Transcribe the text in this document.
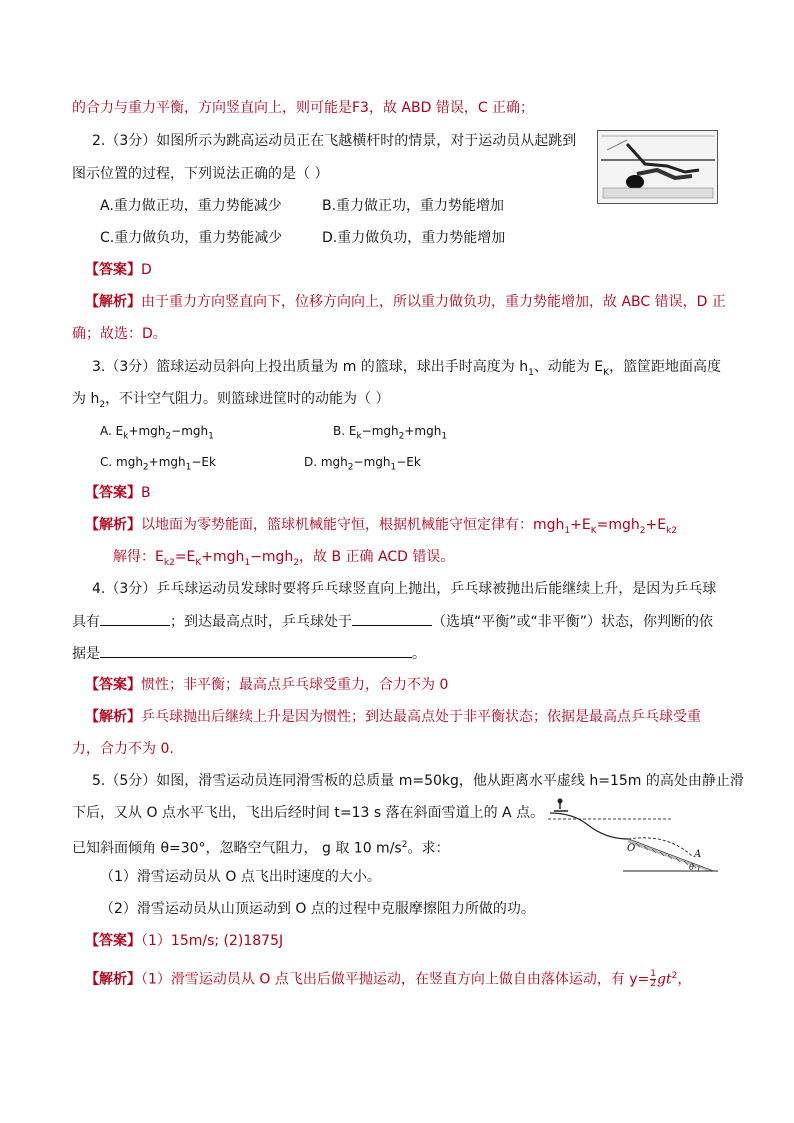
的合力与重力平衡，方向竖直向上，则可能是F3，故 ABD 错误，C 正确；
2.（3分）如图所示为跳高运动员正在飞越横杆时的情景，对于运动员从起跳到
图示位置的过程，下列说法正确的是（ ）
A.重力做正功，重力势能减少	B.重力做正功，重力势能增加
C.重力做负功，重力势能减少	D.重力做负功，重力势能增加
【答案】D
【解析】由于重力方向竖直向下，位移方向向上，所以重力做负功，重力势能增加，故 ABC 错误，D 正
确；故选：D。
3.（3分）篮球运动员斜向上投出质量为 m 的篮球，球出手时高度为 $h_1$、动能为 $E_K$，篮筐距地面高度
为 $h_2$，不计空气阻力。则篮球进筐时的动能为（ ）
A. $E_k+mgh_2-mgh_1$	B. $E_k-mgh_2+mgh_1$
C. mgh$_2$+mgh$_1$−Ek	D. mgh$_2$−mgh$_1$−Ek
【答案】B
【解析】以地面为零势能面，篮球机械能守恒，根据机械能守恒定律有：$mgh_1+E_K=mgh_2+E_{k2}$
解得：$E_{k2}=E_K+mgh_1-mgh_2$，故 B 正确 ACD 错误。
4.（3分）乒乓球运动员发球时要将乒乓球竖直向上抛出，乒乓球被抛出后能继续上升，是因为乒乓球
具有	；到达最高点时，乒乓球处于	（选填“平衡”或“非平衡”）状态，你判断的依
据是	。
【答案】惯性；非平衡；最高点乒乓球受重力，合力不为 0
【解析】乒乓球抛出后继续上升是因为惯性；到达最高点处于非平衡状态；依据是最高点乒乓球受重
力，合力不为 0.
5.（5分）如图，滑雪运动员连同滑雪板的总质量 m=50kg，他从距离水平虚线 h=15m 的高处由静止滑
下后，又从 O 点水平飞出，飞出后经时间 t=13 s 落在斜面雪道上的 A 点。
已知斜面倾角 θ=30°，忽略空气阻力， g 取 10 $m/s^2$。求：
（1）滑雪运动员从 O 点飞出时速度的大小。
（2）滑雪运动员从山顶运动到 O 点的过程中克服摩擦阻力所做的功。
O
A
θ
【答案】（1）15m/s; (2)1875J
【解析】（1）滑雪运动员从 O 点飞出后做平抛运动，在竖直方向上做自由落体运动，有 $y= \frac{1}{2} gt^2$，
